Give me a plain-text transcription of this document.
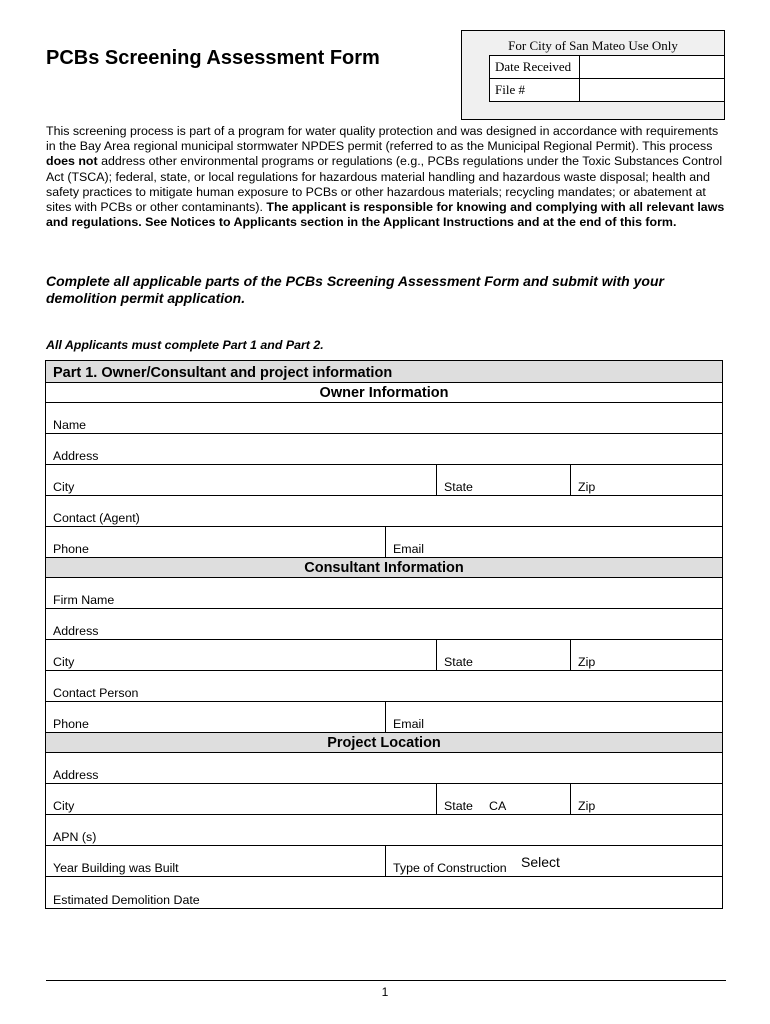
PCBs Screening Assessment Form
For City of San Mateo Use Only
Date Received	
File #	
This screening process is part of a program for water quality protection and was designed in accordance with requirements in the Bay Area regional municipal stormwater NPDES permit (referred to as the Municipal Regional Permit). This process does not address other environmental programs or regulations (e.g., PCBs regulations under the Toxic Substances Control Act (TSCA); federal, state, or local regulations for hazardous material handling and hazardous waste disposal; health and safety practices to mitigate human exposure to PCBs or other hazardous materials; recycling mandates; or abatement at sites with PCBs or other contaminants). The applicant is responsible for knowing and complying with all relevant laws and regulations. See Notices to Applicants section in the Applicant Instructions and at the end of this form.
Complete all applicable parts of the PCBs Screening Assessment Form and submit with your demolition permit application.
All Applicants must complete Part 1 and Part 2.
Part 1. Owner/Consultant and project information
Owner Information
Name
Address
City	State	Zip
Contact (Agent)
Phone	Email
Consultant Information
Firm Name
Address
City	State	Zip
Contact Person
Phone	Email
Project Location
Address
City	State CA	Zip
APN (s)
Year Building was Built	Type of Construction Select
Estimated Demolition Date
1
